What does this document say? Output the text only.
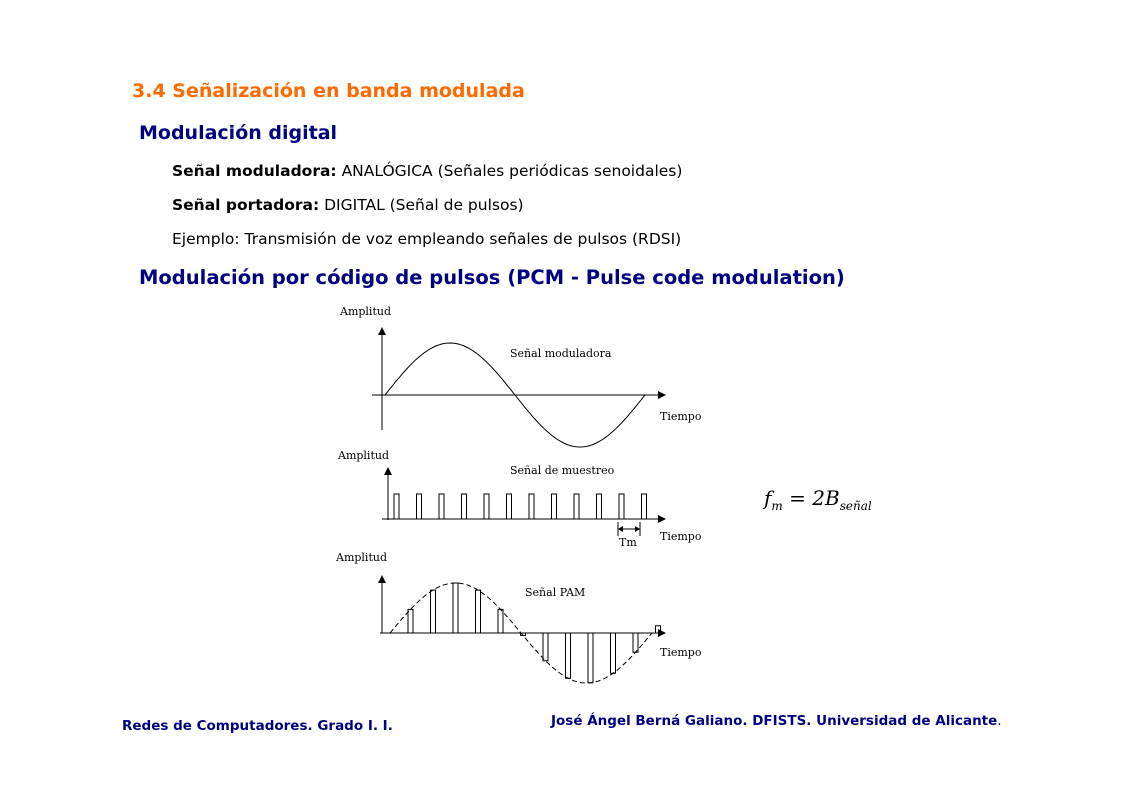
3.4 Señalización en banda modulada
Modulación digital
Señal moduladora: ANALÓGICA (Señales periódicas senoidales)
Señal portadora: DIGITAL (Señal de pulsos)
Ejemplo: Transmisión de voz empleando señales de pulsos (RDSI)
Modulación por código de pulsos (PCM - Pulse code modulation)
Amplitud
Señal moduladora
Tiempo
Amplitud
Señal de muestreo
Tm Tiempo
Amplitud
Señal PAM
Tiempo
$f_m = 2B_{señal}$
Redes de Computadores. Grado I. I.	José Ángel Berná Galiano. DFISTS. Universidad de Alicante.
